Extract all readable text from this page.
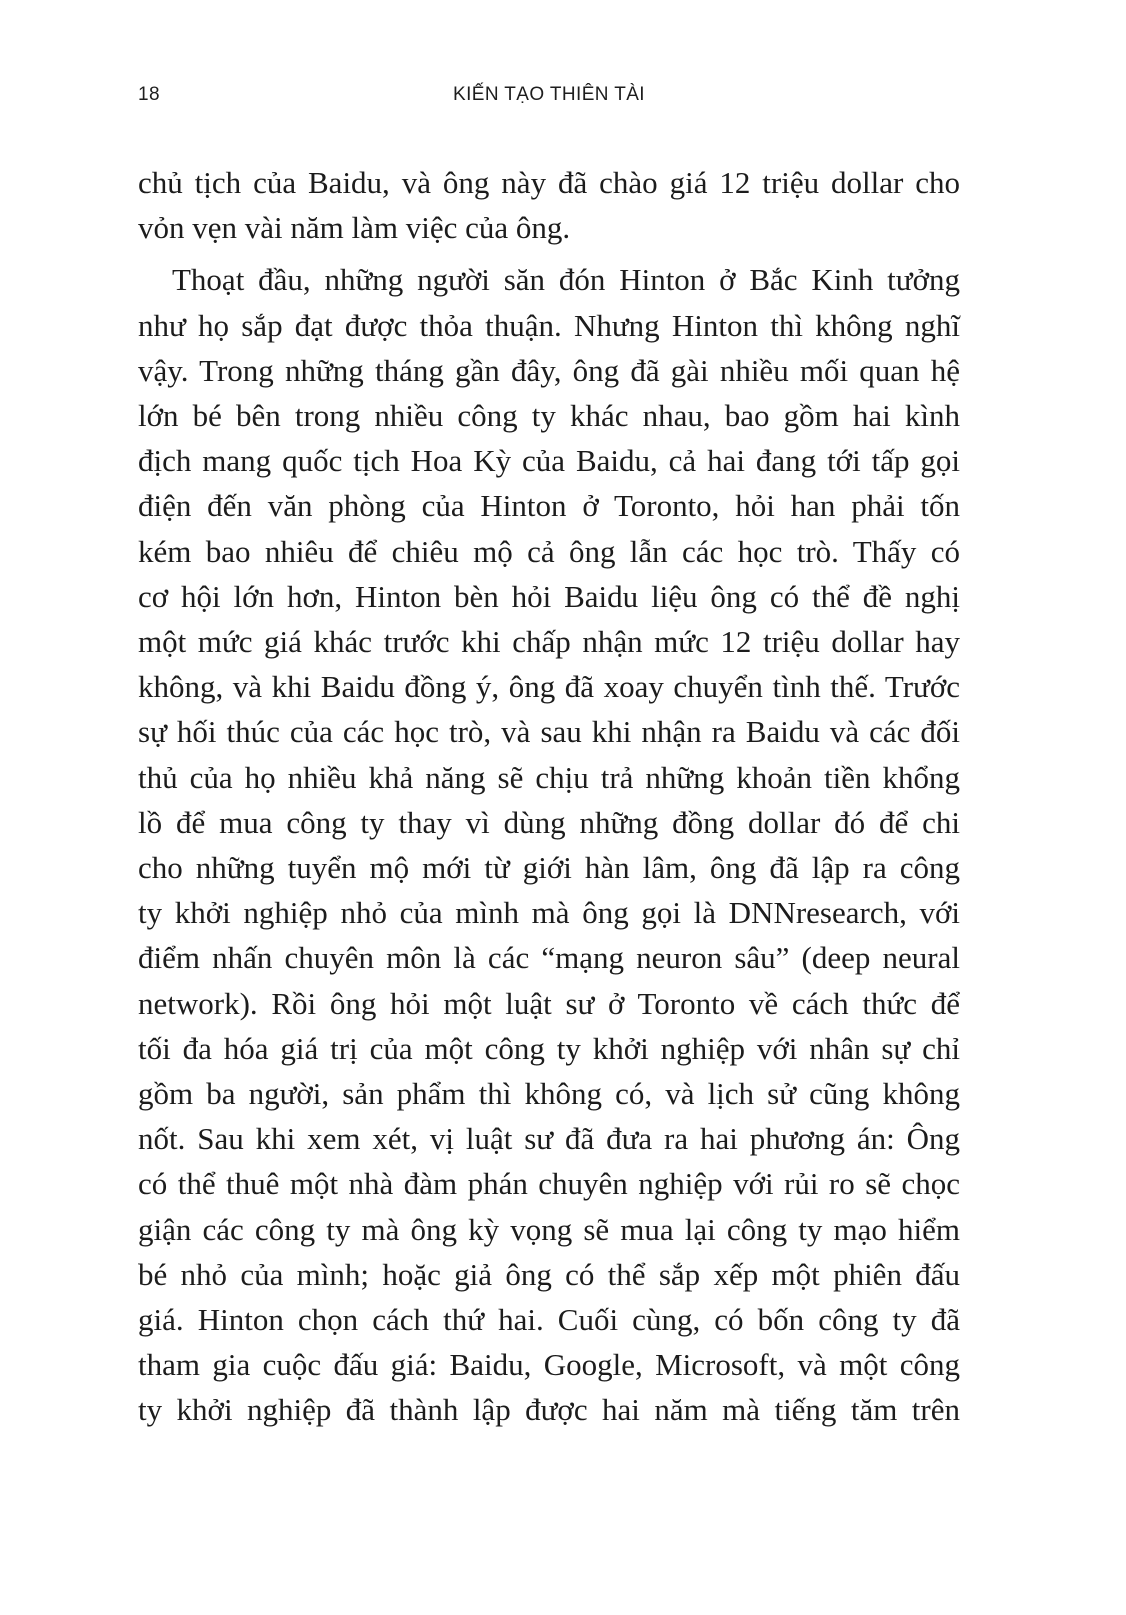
18	KIẾN TẠO THIÊN TÀI
chủ tịch của Baidu, và ông này đã chào giá 12 triệu dollar cho
vỏn vẹn vài năm làm việc của ông.
Thoạt đầu, những người săn đón Hinton ở Bắc Kinh tưởng
như họ sắp đạt được thỏa thuận. Nhưng Hinton thì không nghĩ
vậy. Trong những tháng gần đây, ông đã gài nhiều mối quan hệ
lớn bé bên trong nhiều công ty khác nhau, bao gồm hai kình
địch mang quốc tịch Hoa Kỳ của Baidu, cả hai đang tới tấp gọi
điện đến văn phòng của Hinton ở Toronto, hỏi han phải tốn
kém bao nhiêu để chiêu mộ cả ông lẫn các học trò. Thấy có
cơ hội lớn hơn, Hinton bèn hỏi Baidu liệu ông có thể đề nghị
một mức giá khác trước khi chấp nhận mức 12 triệu dollar hay
không, và khi Baidu đồng ý, ông đã xoay chuyển tình thế. Trước
sự hối thúc của các học trò, và sau khi nhận ra Baidu và các đối
thủ của họ nhiều khả năng sẽ chịu trả những khoản tiền khổng
lồ để mua công ty thay vì dùng những đồng dollar đó để chi
cho những tuyển mộ mới từ giới hàn lâm, ông đã lập ra công
ty khởi nghiệp nhỏ của mình mà ông gọi là DNNresearch, với
điểm nhấn chuyên môn là các “mạng neuron sâu” (deep neural
network). Rồi ông hỏi một luật sư ở Toronto về cách thức để
tối đa hóa giá trị của một công ty khởi nghiệp với nhân sự chỉ
gồm ba người, sản phẩm thì không có, và lịch sử cũng không
nốt. Sau khi xem xét, vị luật sư đã đưa ra hai phương án: Ông
có thể thuê một nhà đàm phán chuyên nghiệp với rủi ro sẽ chọc
giận các công ty mà ông kỳ vọng sẽ mua lại công ty mạo hiểm
bé nhỏ của mình; hoặc giả ông có thể sắp xếp một phiên đấu
giá. Hinton chọn cách thứ hai. Cuối cùng, có bốn công ty đã
tham gia cuộc đấu giá: Baidu, Google, Microsoft, và một công
ty khởi nghiệp đã thành lập được hai năm mà tiếng tăm trên
